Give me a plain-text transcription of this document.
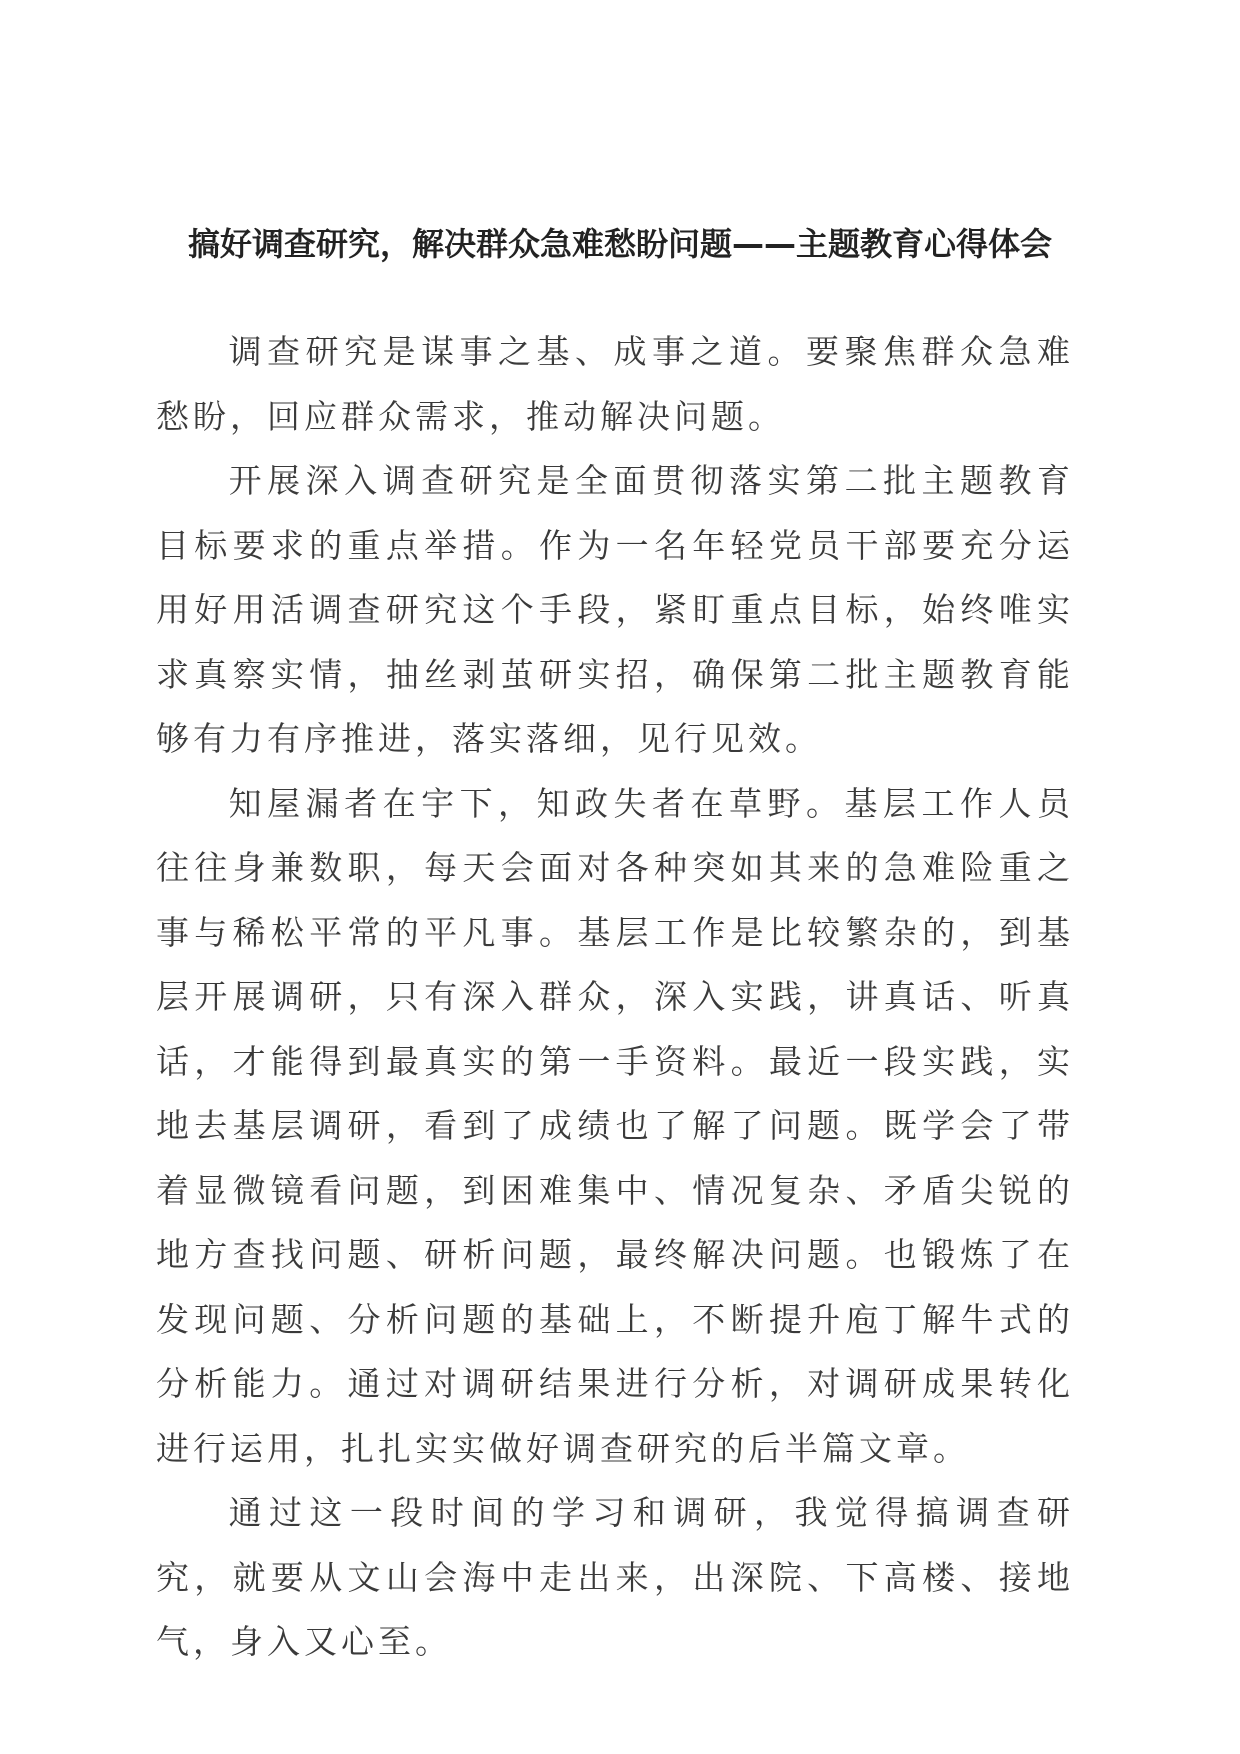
搞好调查研究，解决群众急难愁盼问题——主题教育心得体会

调查研究是谋事之基、成事之道。要聚焦群众急难愁盼，回应群众需求，推动解决问题。

开展深入调查研究是全面贯彻落实第二批主题教育目标要求的重点举措。作为一名年轻党员干部要充分运用好用活调查研究这个手段，紧盯重点目标，始终唯实求真察实情，抽丝剥茧研实招，确保第二批主题教育能够有力有序推进，落实落细，见行见效。

知屋漏者在宇下，知政失者在草野。基层工作人员往往身兼数职，每天会面对各种突如其来的急难险重之事与稀松平常的平凡事。基层工作是比较繁杂的，到基层开展调研，只有深入群众，深入实践，讲真话、听真话，才能得到最真实的第一手资料。最近一段实践，实地去基层调研，看到了成绩也了解了问题。既学会了带着显微镜看问题，到困难集中、情况复杂、矛盾尖锐的地方查找问题、研析问题，最终解决问题。也锻炼了在发现问题、分析问题的基础上，不断提升庖丁解牛式的分析能力。通过对调研结果进行分析，对调研成果转化进行运用，扎扎实实做好调查研究的后半篇文章。

通过这一段时间的学习和调研，我觉得搞调查研究，就要从文山会海中走出来，出深院、下高楼、接地气，身入又心至。
